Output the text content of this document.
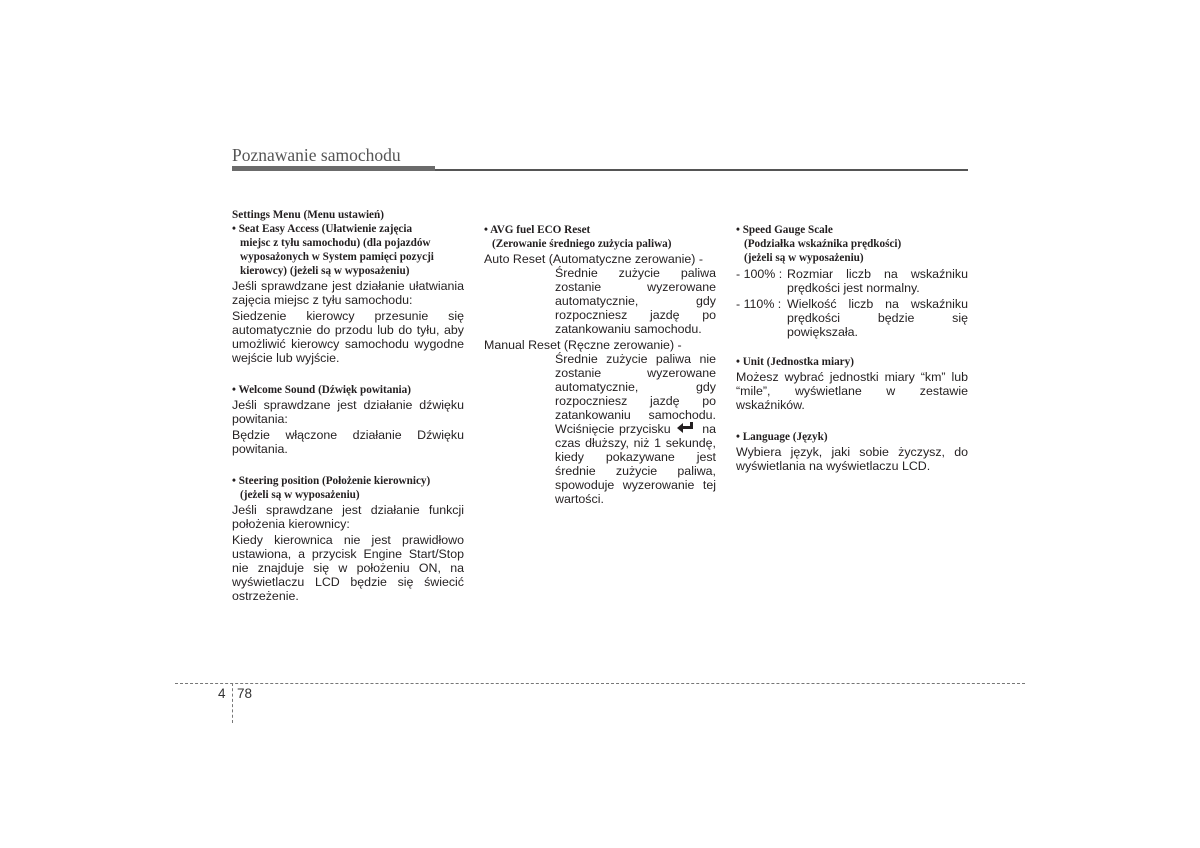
Poznawanie samochodu
Settings Menu (Menu ustawień)
• Seat Easy Access (Ułatwienie zajęcia
miejsc z tyłu samochodu) (dla pojazdów
wyposażonych w System pamięci pozycji
kierowcy) (jeżeli są w wyposażeniu)
Jeśli sprawdzane jest działanie ułatwiania zajęcia miejsc z tyłu samochodu:
Siedzenie kierowcy przesunie się automatycznie do przodu lub do tyłu, aby umożliwić kierowcy samochodu wygodne wejście lub wyjście.
• Welcome Sound (Dźwięk powitania)
Jeśli sprawdzane jest działanie dźwięku powitania:
Będzie włączone działanie Dźwięku powitania.
• Steering position (Położenie kierownicy)
(jeżeli są w wyposażeniu)
Jeśli sprawdzane jest działanie funkcji położenia kierownicy:
Kiedy kierownica nie jest prawidłowo ustawiona, a przycisk Engine Start/Stop nie znajduje się w położeniu ON, na wyświetlaczu LCD będzie się świecić ostrzeżenie.
• AVG fuel ECO Reset
(Zerowanie średniego zużycia paliwa)
Auto Reset (Automatyczne zerowanie) -
Średnie zużycie paliwa zostanie wyzerowane automatycznie, gdy rozpoczniesz jazdę po zatankowaniu samochodu.
Manual Reset (Ręczne zerowanie) -
Średnie zużycie paliwa nie zostanie wyzerowane automatycznie, gdy rozpoczniesz jazdę po zatankowaniu samochodu. Wciśnięcie przycisku	na czas dłuższy, niż 1 sekundę, kiedy pokazywane jest średnie zużycie paliwa, spowoduje wyzerowanie tej wartości.
• Speed Gauge Scale
(Podziałka wskaźnika prędkości)
(jeżeli są w wyposażeniu)
- 100% : Rozmiar liczb na wskaźniku prędkości jest normalny.
- 110% : Wielkość liczb na wskaźniku prędkości będzie się powiększała.
• Unit (Jednostka miary)
Możesz wybrać jednostki miary “km” lub “mile”, wyświetlane w zestawie wskaźników.
• Language (Język)
Wybiera język, jaki sobie życzysz, do wyświetlania na wyświetlaczu LCD.
4 78
